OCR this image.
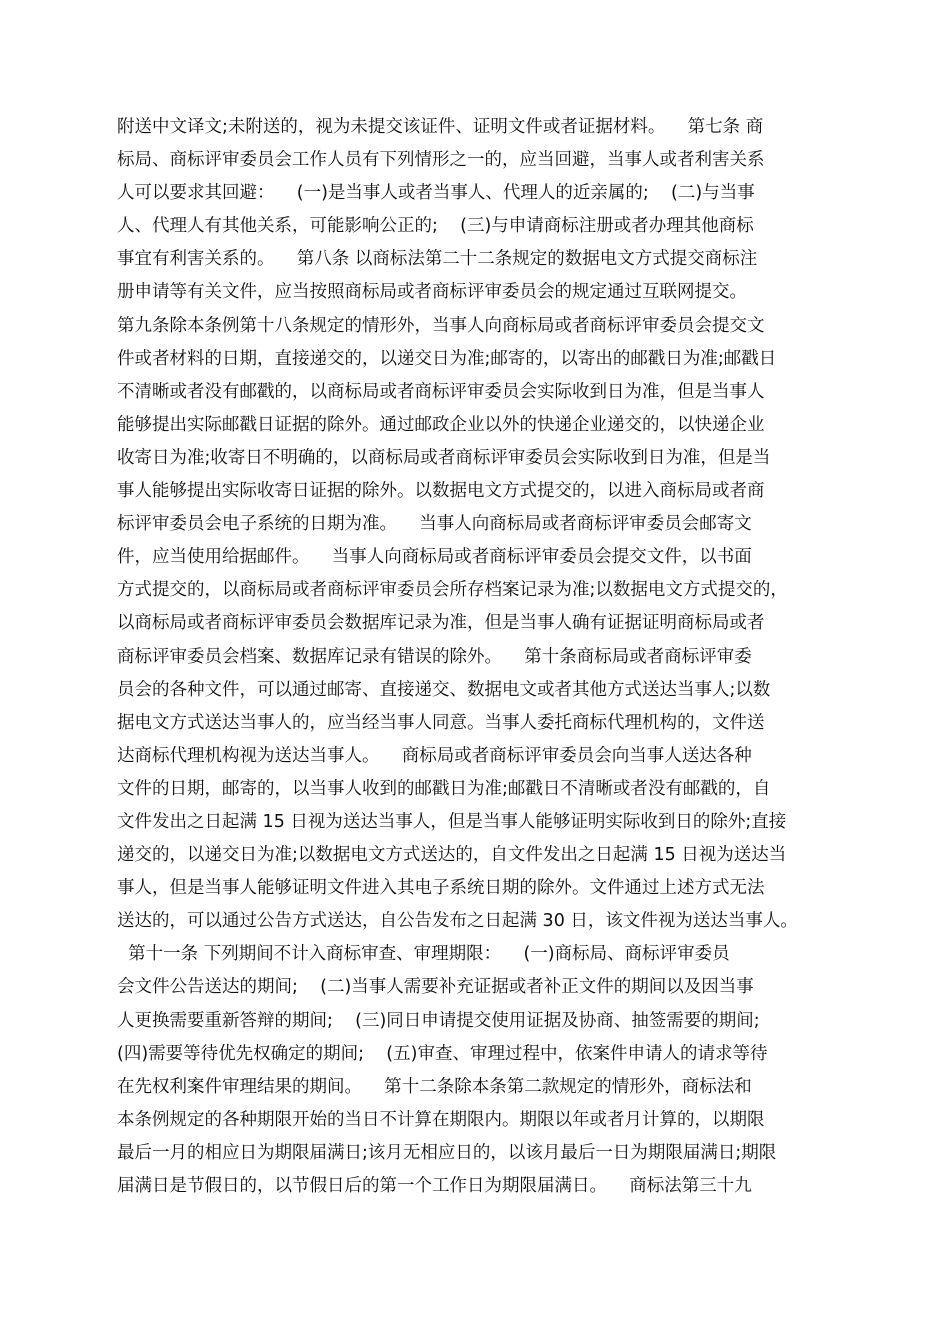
附送中文译文;未附送的，视为未提交该证件、证明文件或者证据材料。    第七条 商
标局、商标评审委员会工作人员有下列情形之一的，应当回避，当事人或者利害关系
人可以要求其回避：    (一)是当事人或者当事人、代理人的近亲属的;    (二)与当事
人、代理人有其他关系，可能影响公正的;    (三)与申请商标注册或者办理其他商标
事宜有利害关系的。    第八条 以商标法第二十二条规定的数据电文方式提交商标注
册申请等有关文件，应当按照商标局或者商标评审委员会的规定通过互联网提交。
第九条除本条例第十八条规定的情形外，当事人向商标局或者商标评审委员会提交文
件或者材料的日期，直接递交的，以递交日为准;邮寄的，以寄出的邮戳日为准;邮戳日
不清晰或者没有邮戳的，以商标局或者商标评审委员会实际收到日为准，但是当事人
能够提出实际邮戳日证据的除外。通过邮政企业以外的快递企业递交的，以快递企业
收寄日为准;收寄日不明确的，以商标局或者商标评审委员会实际收到日为准，但是当
事人能够提出实际收寄日证据的除外。以数据电文方式提交的，以进入商标局或者商
标评审委员会电子系统的日期为准。    当事人向商标局或者商标评审委员会邮寄文
件，应当使用给据邮件。    当事人向商标局或者商标评审委员会提交文件，以书面
方式提交的，以商标局或者商标评审委员会所存档案记录为准;以数据电文方式提交的，
以商标局或者商标评审委员会数据库记录为准，但是当事人确有证据证明商标局或者
商标评审委员会档案、数据库记录有错误的除外。    第十条商标局或者商标评审委
员会的各种文件，可以通过邮寄、直接递交、数据电文或者其他方式送达当事人;以数
据电文方式送达当事人的，应当经当事人同意。当事人委托商标代理机构的，文件送
达商标代理机构视为送达当事人。    商标局或者商标评审委员会向当事人送达各种
文件的日期，邮寄的，以当事人收到的邮戳日为准;邮戳日不清晰或者没有邮戳的，自
文件发出之日起满 15 日视为送达当事人，但是当事人能够证明实际收到日的除外;直接
递交的，以递交日为准;以数据电文方式送达的，自文件发出之日起满 15 日视为送达当
事人，但是当事人能够证明文件进入其电子系统日期的除外。文件通过上述方式无法
送达的，可以通过公告方式送达，自公告发布之日起满 30 日，该文件视为送达当事人。
第十一条 下列期间不计入商标审查、审理期限：    (一)商标局、商标评审委员
会文件公告送达的期间;    (二)当事人需要补充证据或者补正文件的期间以及因当事
人更换需要重新答辩的期间;    (三)同日申请提交使用证据及协商、抽签需要的期间;
(四)需要等待优先权确定的期间;    (五)审查、审理过程中，依案件申请人的请求等待
在先权利案件审理结果的期间。    第十二条除本条第二款规定的情形外，商标法和
本条例规定的各种期限开始的当日不计算在期限内。期限以年或者月计算的，以期限
最后一月的相应日为期限届满日;该月无相应日的，以该月最后一日为期限届满日;期限
届满日是节假日的，以节假日后的第一个工作日为期限届满日。    商标法第三十九
